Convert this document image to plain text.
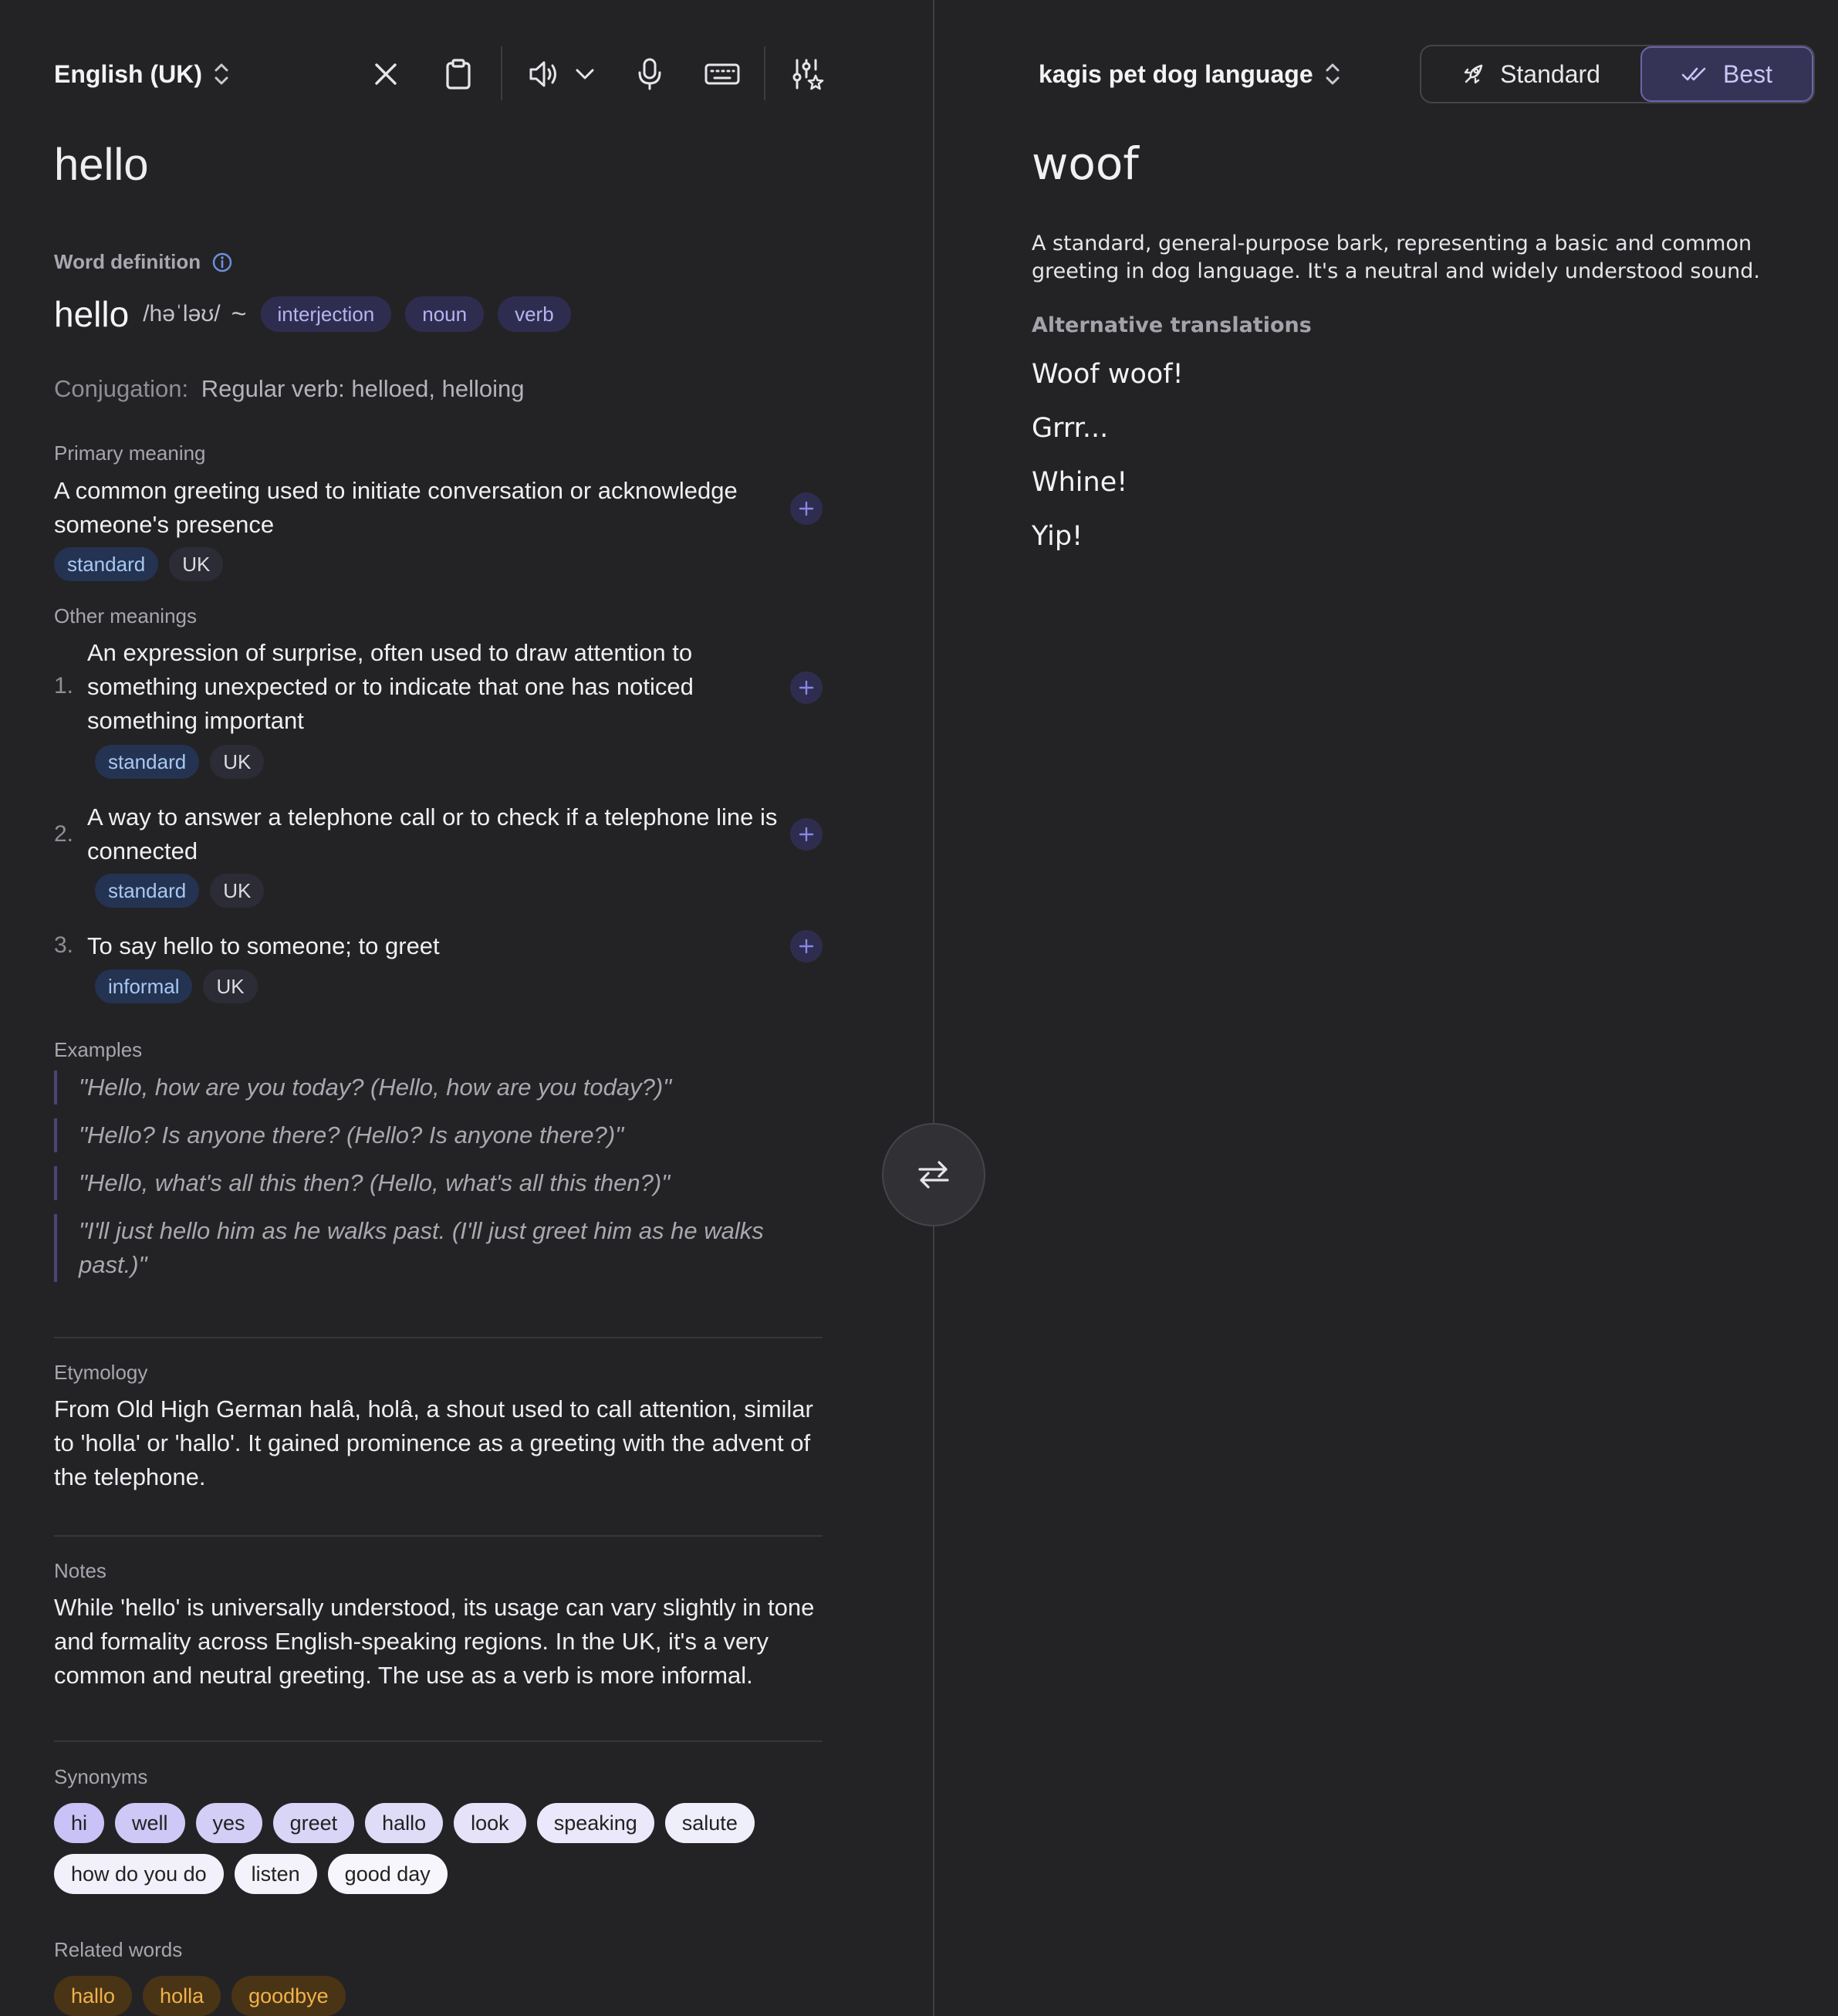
English (UK)
hello
Word definition
hello /həˈləʊ/ ~	interjection	noun	verb
Conjugation: Regular verb: helloed, helloing
Primary meaning
A common greeting used to initiate conversation or acknowledge someone's presence
standard	UK
Other meanings
1.
An expression of surprise, often used to draw attention to something unexpected or to indicate that one has noticed something important
standard	UK
2.
A way to answer a telephone call or to check if a telephone line is connected
standard	UK
3. To say hello to someone; to greet
informal	UK
Examples
"Hello, how are you today? (Hello, how are you today?)"
"Hello? Is anyone there? (Hello? Is anyone there?)"
"Hello, what's all this then? (Hello, what's all this then?)"
"I'll just hello him as he walks past. (I'll just greet him as he walks past.)"
Etymology
From Old High German halâ, holâ, a shout used to call attention, similar to 'holla' or 'hallo'. It gained prominence as a greeting with the advent of the telephone.
Notes
While 'hello' is universally understood, its usage can vary slightly in tone and formality across English-speaking regions. In the UK, it's a very common and neutral greeting. The use as a verb is more informal.
Synonyms
hi	well	yes	greet	hallo	look	speaking	salute
how do you do	listen	good day
Related words
hallo	holla	goodbye
kagis pet dog language	Standard	Best
woof
A standard, general-purpose bark, representing a basic and common greeting in dog language. It's a neutral and widely understood sound.
Alternative translations
Woof woof!
Grrr...
Whine!
Yip!
